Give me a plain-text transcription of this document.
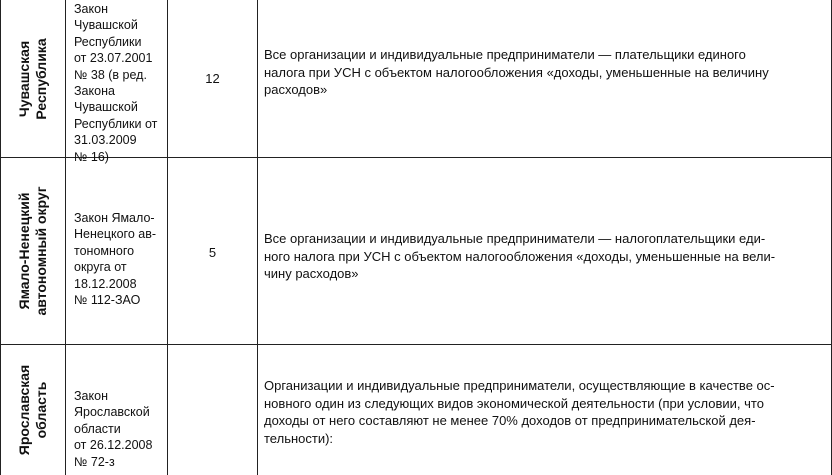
Чувашская Республика
Закон
Чувашской
Республики
от 23.07.2001
№ 38 (в ред.
Закона
Чувашской
Республики от
31.03.2009
№ 16)
12
Все организации и индивидуальные предприниматели — плательщики единого
налога при УСН с объектом налогообложения «доходы, уменьшенные на величину
расходов»
Ямало-Ненецкий автономный округ Закон Ямало-
Ненецкого ав-
тономного
округа от
18.12.2008
№ 112-ЗАО
5
Все организации и индивидуальные предприниматели — налогоплательщики еди-
ного налога при УСН с объектом налогообложения «доходы, уменьшенные на вели-
чину расходов»
Ярославская область Закон
Ярославской
области
от 26.12.2008
№ 72-з
Организации и индивидуальные предприниматели, осуществляющие в качестве ос-
новного один из следующих видов экономической деятельности (при условии, что
доходы от него составляют не менее 70% доходов от предпринимательской дея-
тельности):
